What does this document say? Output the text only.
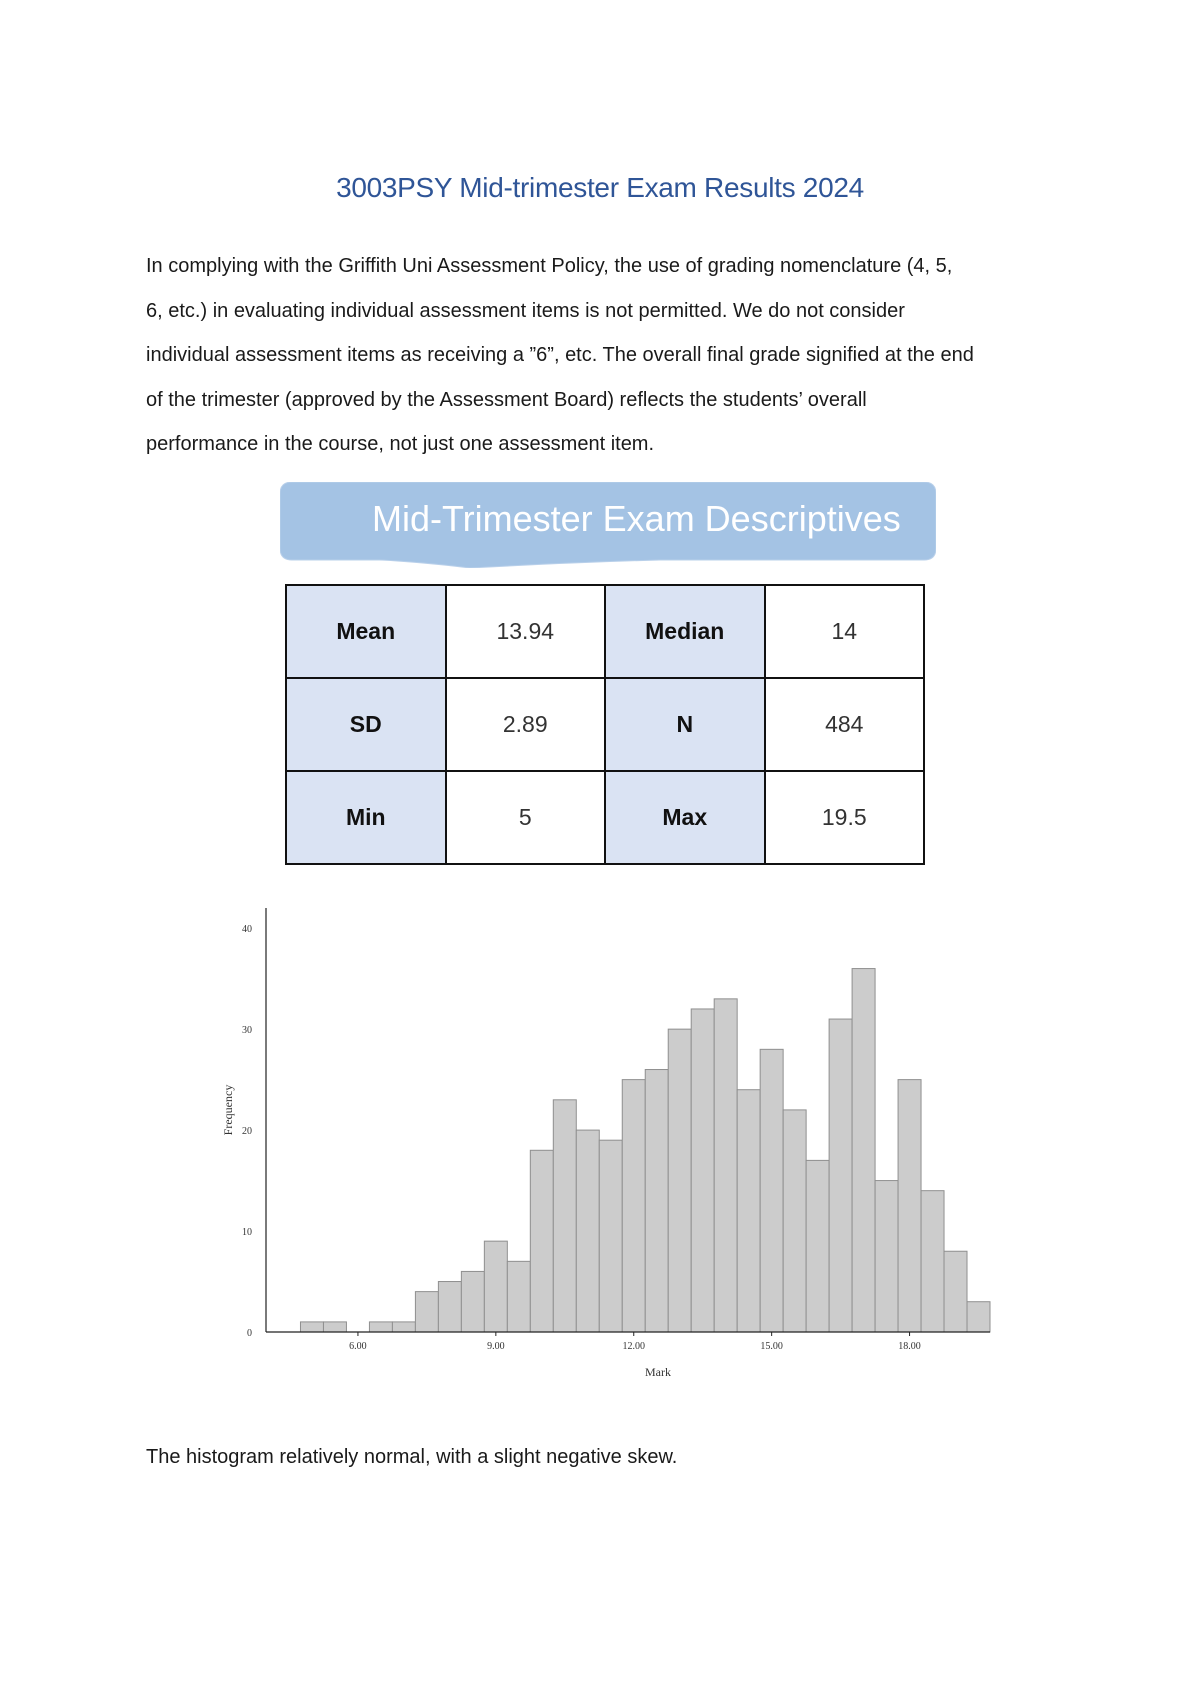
3003PSY Mid-trimester Exam Results 2024

In complying with the Griffith Uni Assessment Policy, the use of grading nomenclature (4, 5,

6, etc.) in evaluating individual assessment items is not permitted. We do not consider

individual assessment items as receiving a ”6”, etc. The overall final grade signified at the end

of the trimester (approved by the Assessment Board) reflects the students’ overall

performance in the course, not just one assessment item.

Mid-Trimester Exam Descriptives
Mean	13.94	Median	14
SD	2.89	N	484
Min	5	Max	19.5
0
10
20
30
40
6.00	9.00	12.00	15.00	18.00
Mark
Frequency
The histogram relatively normal, with a slight negative skew.
